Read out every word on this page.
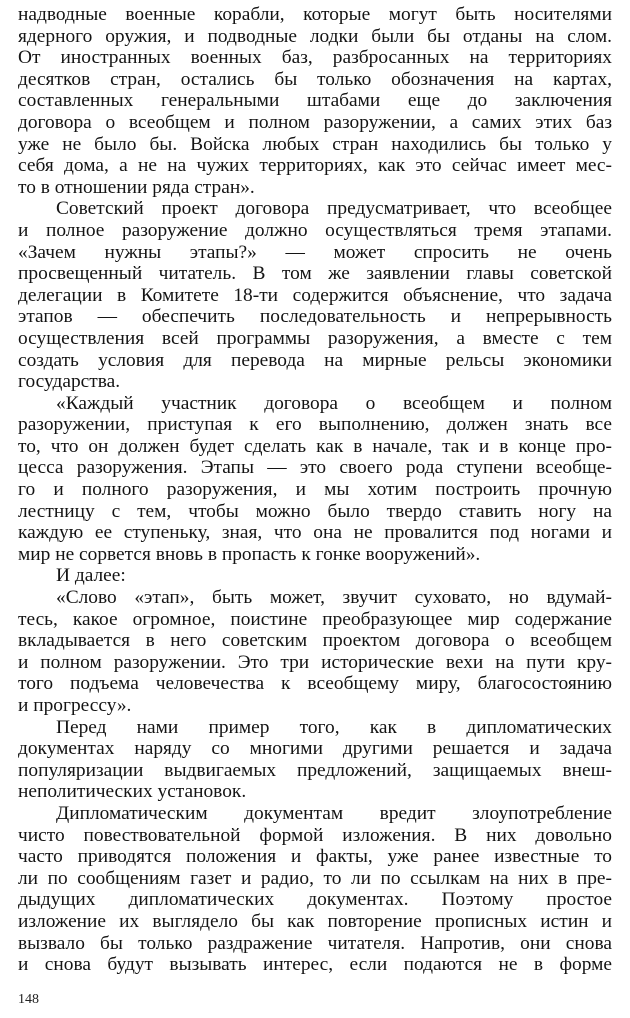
надводные военные корабли, которые могут быть носителями
ядерного оружия, и подводные лодки были бы отданы на слом.
От иностранных военных баз, разбросанных на территориях
десятков стран, остались бы только обозначения на картах,
составленных генеральными штабами еще до заключения
договора о всеобщем и полном разоружении, а самих этих баз
уже не было бы. Войска любых стран находились бы только у
себя дома, а не на чужих территориях, как это сейчас имеет мес-
то в отношении ряда стран».
Советский проект договора предусматривает, что всеобщее
и полное разоружение должно осуществляться тремя этапами.
«Зачем нужны этапы?» — может спросить не очень
просвещенный читатель. В том же заявлении главы советской
делегации в Комитете 18-ти содержится объяснение, что задача
этапов — обеспечить последовательность и непрерывность
осуществления всей программы разоружения, а вместе с тем
создать условия для перевода на мирные рельсы экономики
государства.
«Каждый участник договора о всеобщем и полном
разоружении, приступая к его выполнению, должен знать все
то, что он должен будет сделать как в начале, так и в конце про-
цесса разоружения. Этапы — это своего рода ступени всеобще-
го и полного разоружения, и мы хотим построить прочную
лестницу с тем, чтобы можно было твердо ставить ногу на
каждую ее ступеньку, зная, что она не провалится под ногами и
мир не сорвется вновь в пропасть к гонке вооружений».
И далее:
«Слово «этап», быть может, звучит суховато, но вдумай-
тесь, какое огромное, поистине преобразующее мир содержание
вкладывается в него советским проектом договора о всеобщем
и полном разоружении. Это три исторические вехи на пути кру-
того подъема человечества к всеобщему миру, благосостоянию
и прогрессу».
Перед нами пример того, как в дипломатических
документах наряду со многими другими решается и задача
популяризации выдвигаемых предложений, защищаемых внеш-
неполитических установок.
Дипломатическим документам вредит злоупотребление
чисто повествовательной формой изложения. В них довольно
часто приводятся положения и факты, уже ранее известные то
ли по сообщениям газет и радио, то ли по ссылкам на них в пре-
дыдущих дипломатических документах. Поэтому простое
изложение их выглядело бы как повторение прописных истин и
вызвало бы только раздражение читателя. Напротив, они снова
и снова будут вызывать интерес, если подаются не в форме
148
